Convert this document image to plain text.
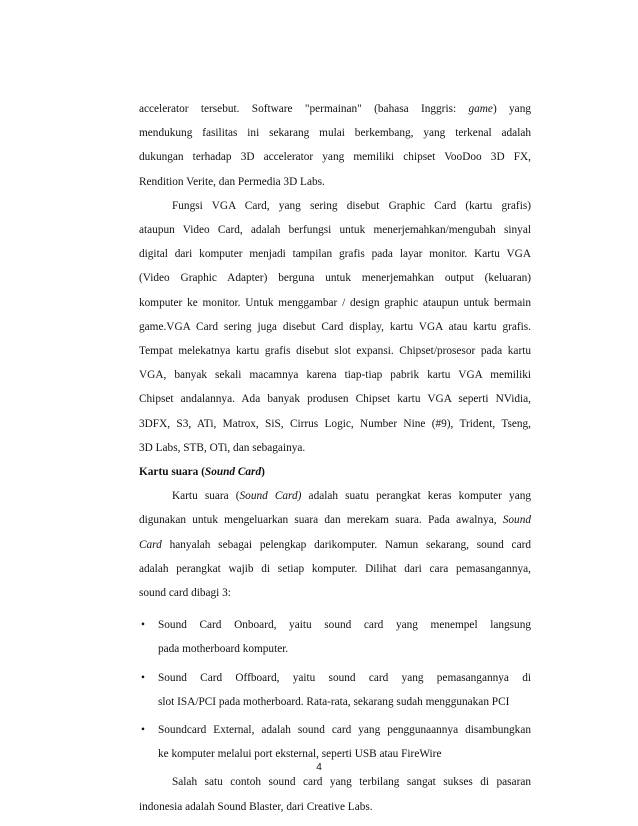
accelerator tersebut. Software "permainan" (bahasa Inggris: game) yang
mendukung fasilitas ini sekarang mulai berkembang, yang terkenal adalah
dukungan terhadap 3D accelerator yang memiliki chipset VooDoo 3D FX,
Rendition Verite, dan Permedia 3D Labs.
Fungsi VGA Card, yang sering disebut Graphic Card (kartu grafis)
ataupun Video Card, adalah berfungsi untuk menerjemahkan/mengubah sinyal
digital dari komputer menjadi tampilan grafis pada layar monitor. Kartu VGA
(Video Graphic Adapter) berguna untuk menerjemahkan output (keluaran)
komputer ke monitor. Untuk menggambar / design graphic ataupun untuk bermain
game.VGA Card sering juga disebut Card display, kartu VGA atau kartu grafis.
Tempat melekatnya kartu grafis disebut slot expansi. Chipset/prosesor pada kartu
VGA, banyak sekali macamnya karena tiap-tiap pabrik kartu VGA memiliki
Chipset andalannya. Ada banyak produsen Chipset kartu VGA seperti NVidia,
3DFX, S3, ATi, Matrox, SiS, Cirrus Logic, Number Nine (#9), Trident, Tseng,
3D Labs, STB, OTi, dan sebagainya.
Kartu suara (Sound Card)
Kartu suara (Sound Card) adalah suatu perangkat keras komputer yang
digunakan untuk mengeluarkan suara dan merekam suara. Pada awalnya, Sound
Card hanyalah sebagai pelengkap darikomputer. Namun sekarang, sound card
adalah perangkat wajib di setiap komputer. Dilihat dari cara pemasangannya,
sound card dibagi 3:
• Sound Card Onboard, yaitu sound card yang menempel langsung
pada motherboard komputer.
• Sound Card Offboard, yaitu sound card yang pemasangannya di
slot ISA/PCI pada motherboard. Rata-rata, sekarang sudah menggunakan PCI
• Soundcard External, adalah sound card yang penggunaannya disambungkan
ke komputer melalui port eksternal, seperti USB atau FireWire
Salah satu contoh sound card yang terbilang sangat sukses di pasaran
indonesia adalah Sound Blaster, dari Creative Labs.
4
